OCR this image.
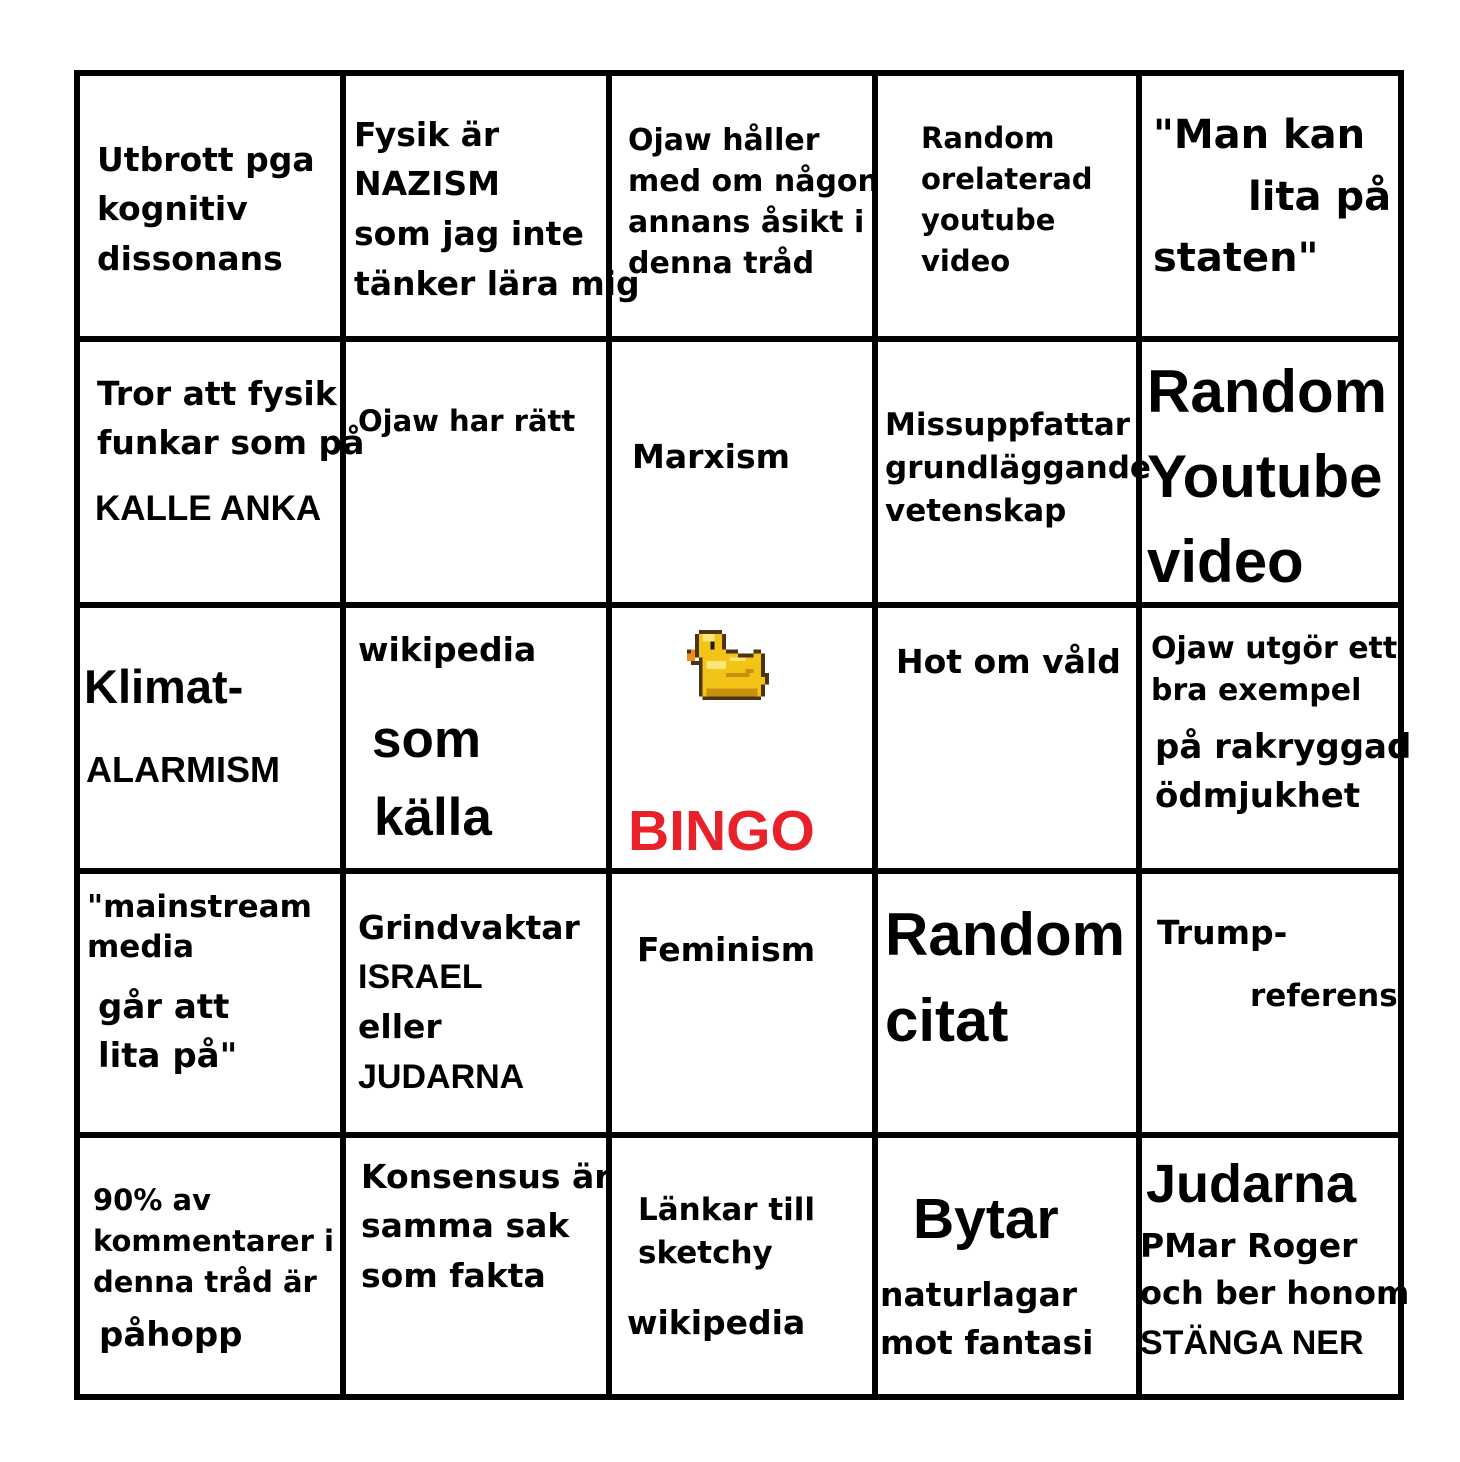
Utbrott pga
kognitiv
dissonans
Fysik är
NAZISM
som jag inte
tänker lära mig
Ojaw håller
med om någon
annans åsikt i
denna tråd
Random
orelaterad
youtube
video
"Man kan
lita på
staten"
Tror att fysik
funkar som på
KALLE ANKA
Ojaw har rätt
Marxism
Missuppfattar
grundläggande
vetenskap
Random
Youtube
video
Klimat-
ALARMISM
wikipedia
som
källa BINGO
Hot om våld Ojaw utgör ett
bra exempel
på rakryggad
ödmjukhet
"mainstream
media
går att
lita på"
Grindvaktar
ISRAEL
eller
JUDARNA
Feminism Random
citat
Trump-
referens
90% av
kommentarer i
denna tråd är
påhopp
Konsensus är
samma sak
som fakta
Länkar till
sketchy
wikipedia
Bytar
naturlagar
mot fantasi
Judarna
PMar Roger
och ber honom
STÄNGA NER
